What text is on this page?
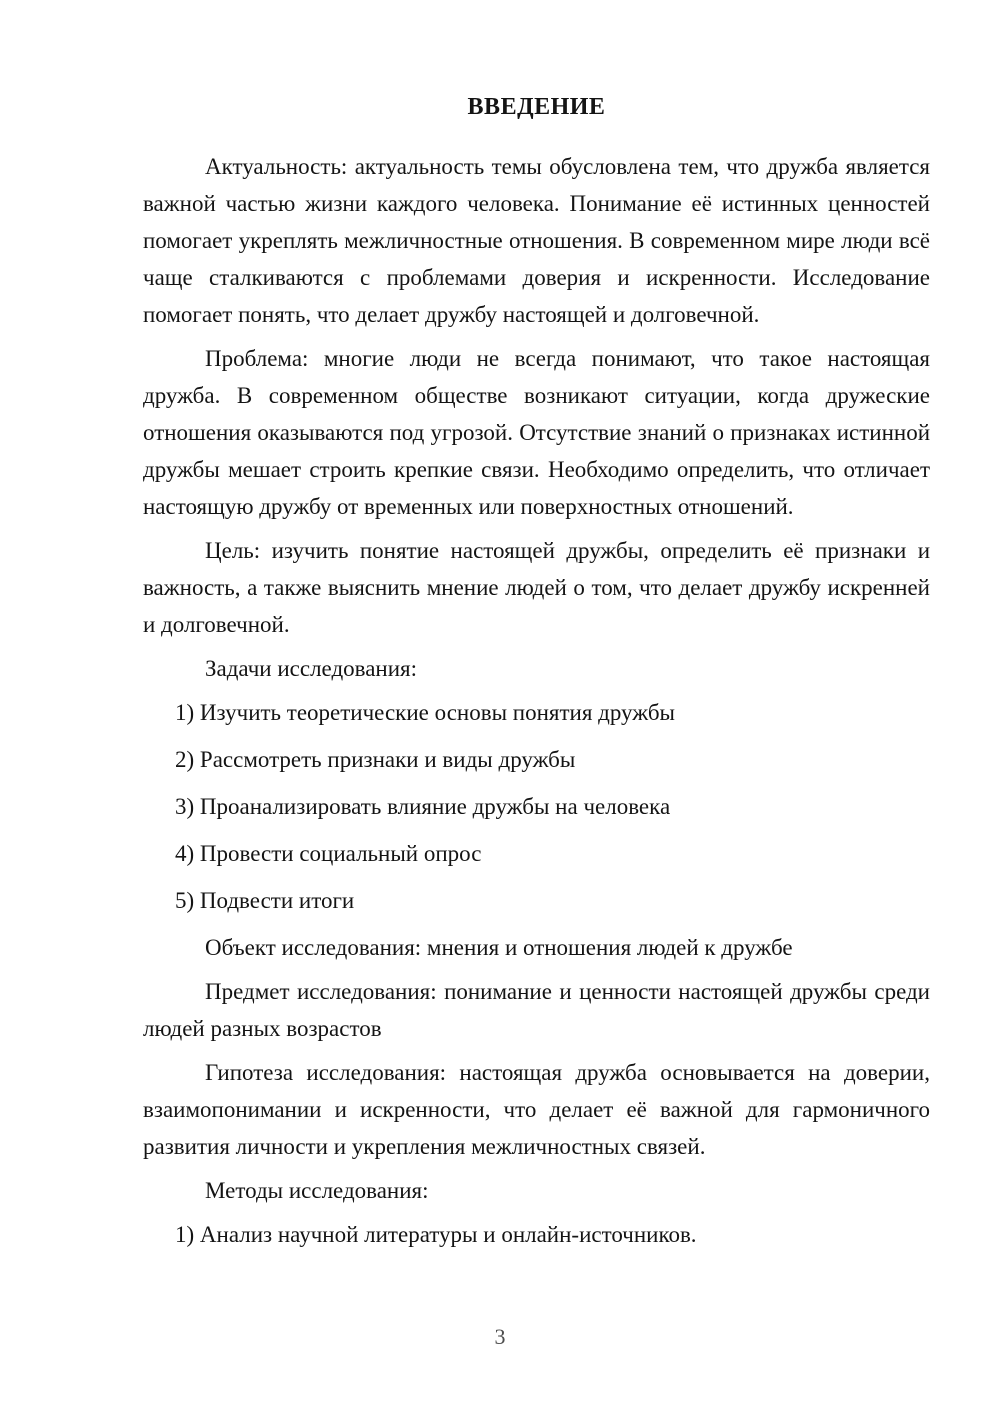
ВВЕДЕНИЕ

Актуальность: актуальность темы обусловлена тем, что дружба является важной частью жизни каждого человека. Понимание её истинных ценностей помогает укреплять межличностные отношения. В современном мире люди всё чаще сталкиваются с проблемами доверия и искренности. Исследование помогает понять, что делает дружбу настоящей и долговечной.

Проблема: многие люди не всегда понимают, что такое настоящая дружба. В современном обществе возникают ситуации, когда дружеские отношения оказываются под угрозой. Отсутствие знаний о признаках истинной дружбы мешает строить крепкие связи. Необходимо определить, что отличает настоящую дружбу от временных или поверхностных отношений.

Цель: изучить понятие настоящей дружбы, определить её признаки и важность, а также выяснить мнение людей о том, что делает дружбу искренней и долговечной.

Задачи исследования:

1) Изучить теоретические основы понятия дружбы

2) Рассмотреть признаки и виды дружбы

3) Проанализировать влияние дружбы на человека

4) Провести социальный опрос

5) Подвести итоги

Объект исследования: мнения и отношения людей к дружбе

Предмет исследования: понимание и ценности настоящей дружбы среди людей разных возрастов

Гипотеза исследования: настоящая дружба основывается на доверии, взаимопонимании и искренности, что делает её важной для гармоничного развития личности и укрепления межличностных связей.

Методы исследования:

1) Анализ научной литературы и онлайн-источников.

3
